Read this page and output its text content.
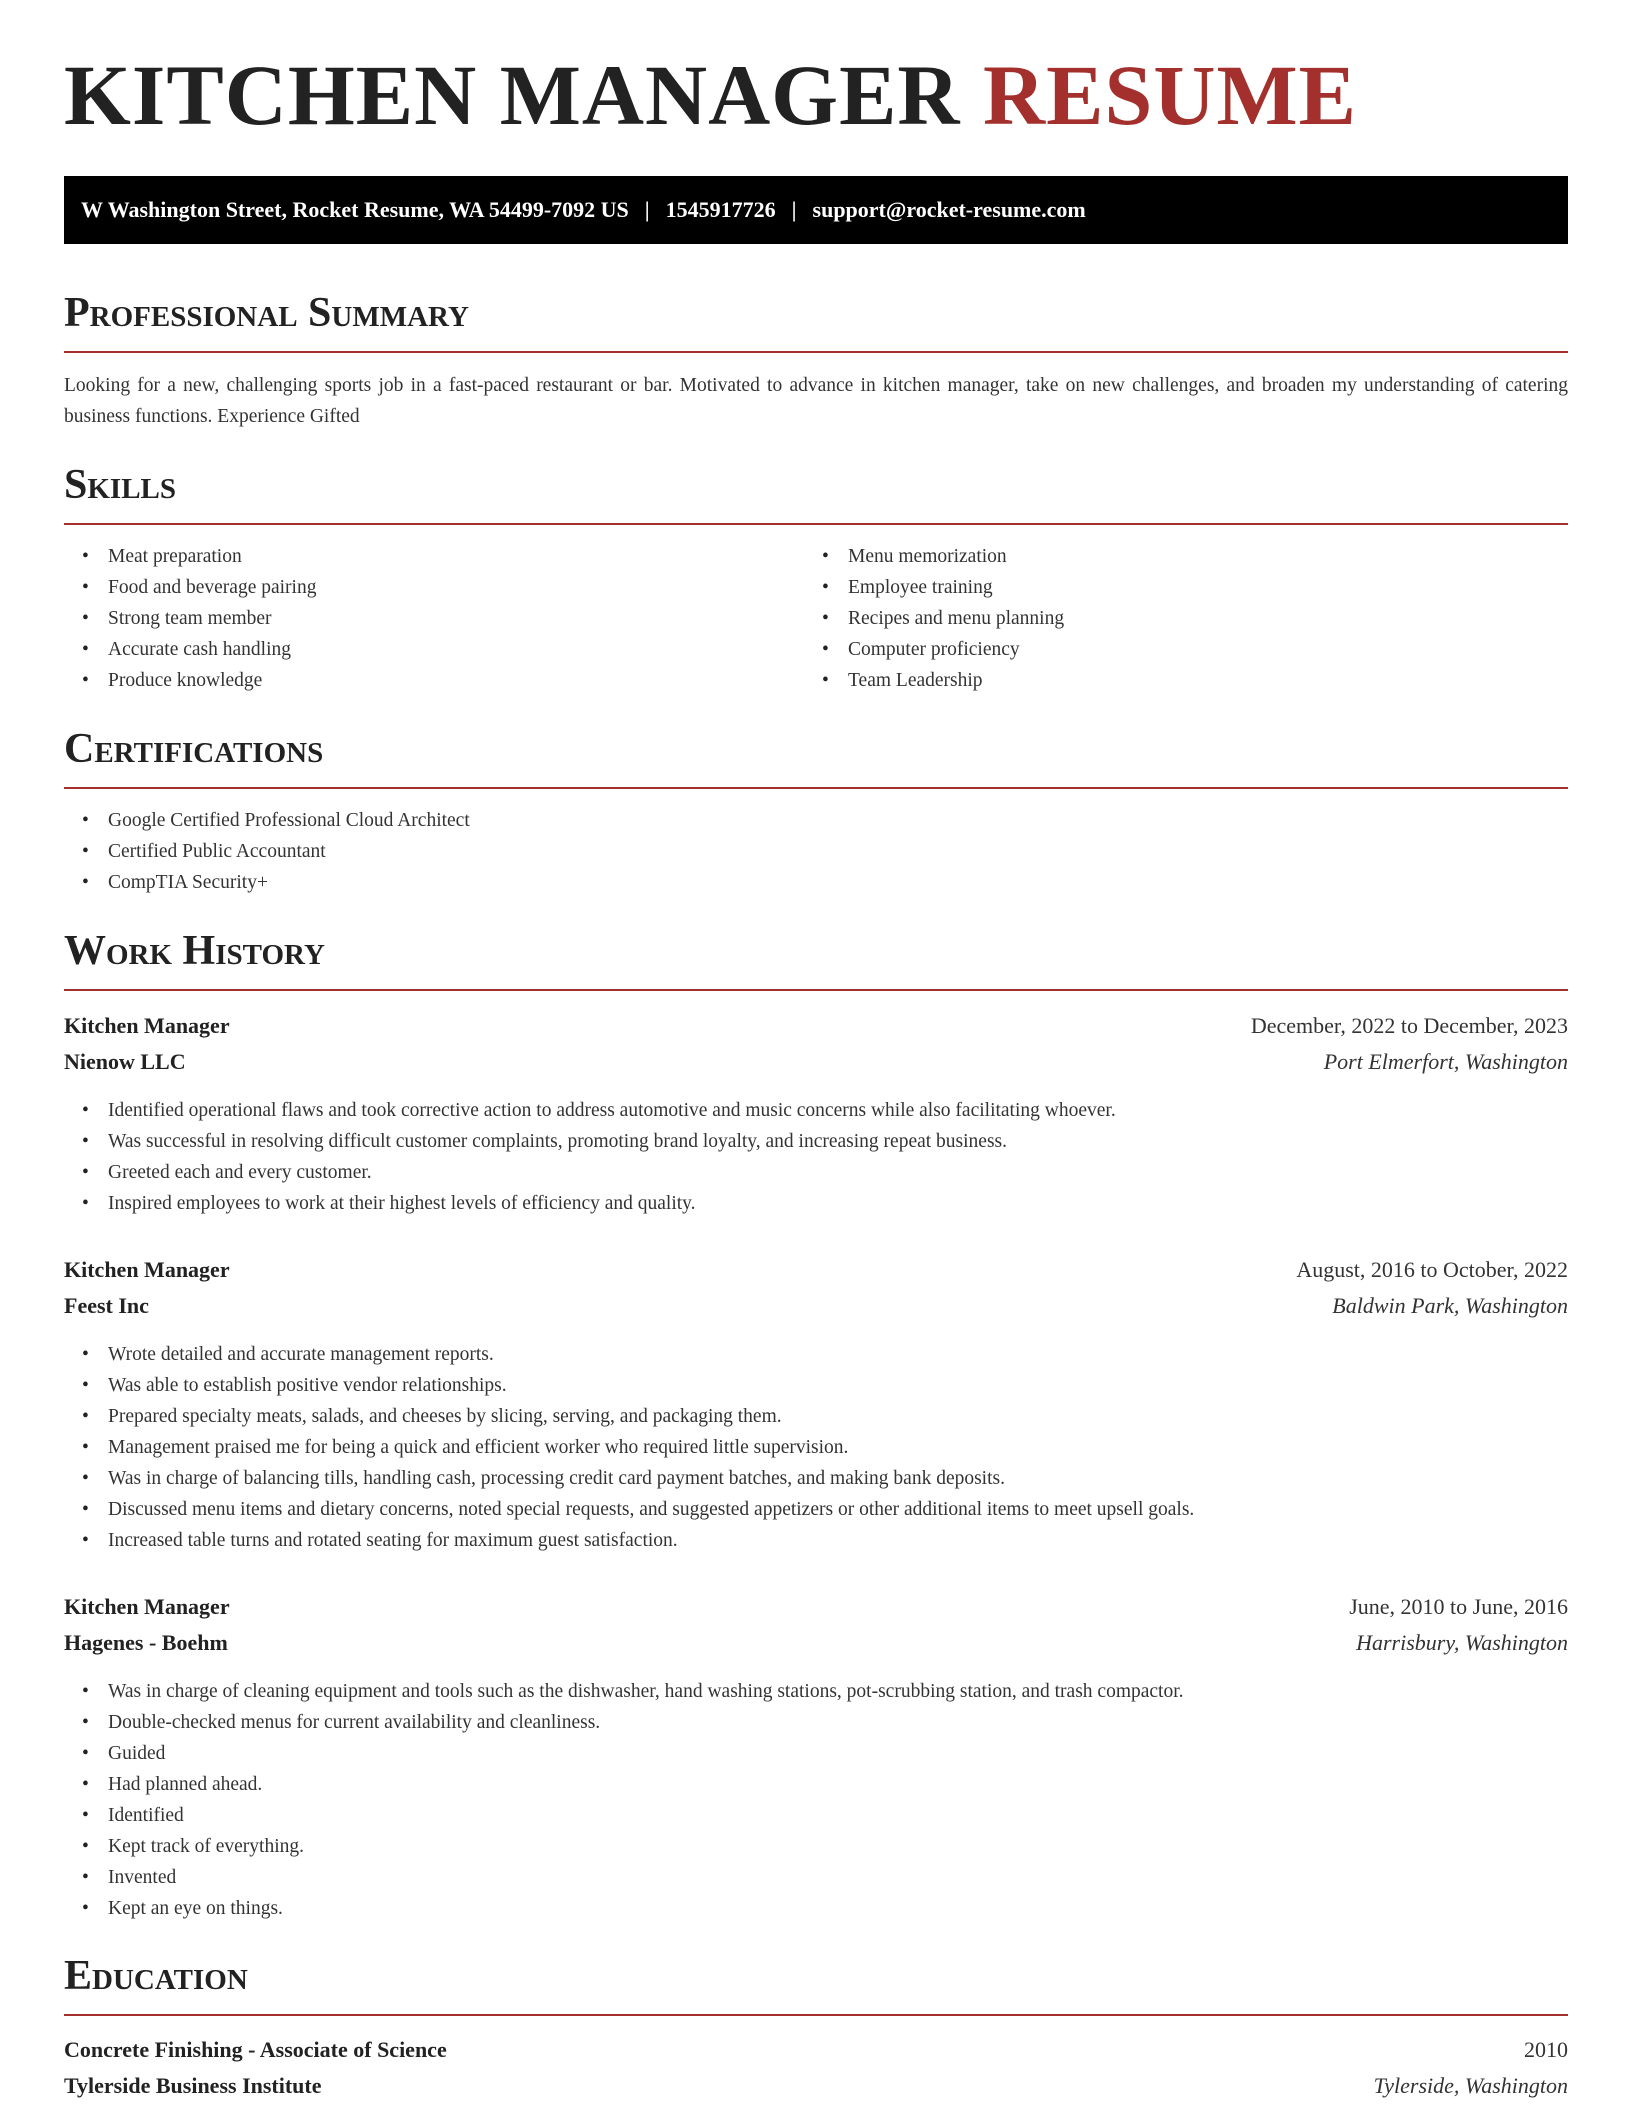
KITCHEN MANAGER RESUME
W Washington Street, Rocket Resume, WA 54499-7092 US | 1545917726 | support@rocket-resume.com
Professional Summary

Looking for a new, challenging sports job in a fast-paced restaurant or bar. Motivated to advance in kitchen manager, take on new challenges, and broaden my understanding of catering business functions. Experience Gifted

Skills
• Meat preparation
• Food and beverage pairing
• Strong team member
• Accurate cash handling
• Produce knowledge
• Menu memorization
• Employee training
• Recipes and menu planning
• Computer proficiency
• Team Leadership
Certifications
• Google Certified Professional Cloud Architect
• Certified Public Accountant
• CompTIA Security+
Work History
Kitchen Manager	December, 2022 to December, 2023
Nienow LLC	Port Elmerfort, Washington
• Identified operational flaws and took corrective action to address automotive and music concerns while also facilitating whoever.
• Was successful in resolving difficult customer complaints, promoting brand loyalty, and increasing repeat business.
• Greeted each and every customer.
• Inspired employees to work at their highest levels of efficiency and quality.
Kitchen Manager	August, 2016 to October, 2022
Feest Inc	Baldwin Park, Washington
• Wrote detailed and accurate management reports.
• Was able to establish positive vendor relationships.
• Prepared specialty meats, salads, and cheeses by slicing, serving, and packaging them.
• Management praised me for being a quick and efficient worker who required little supervision.
• Was in charge of balancing tills, handling cash, processing credit card payment batches, and making bank deposits.
• Discussed menu items and dietary concerns, noted special requests, and suggested appetizers or other additional items to meet upsell goals.
• Increased table turns and rotated seating for maximum guest satisfaction.
Kitchen Manager	June, 2010 to June, 2016
Hagenes - Boehm	Harrisbury, Washington
• Was in charge of cleaning equipment and tools such as the dishwasher, hand washing stations, pot-scrubbing station, and trash compactor.
• Double-checked menus for current availability and cleanliness.
• Guided
• Had planned ahead.
• Identified
• Kept track of everything.
• Invented
• Kept an eye on things.
Education
Concrete Finishing - Associate of Science	2010
Tylerside Business Institute	Tylerside, Washington
